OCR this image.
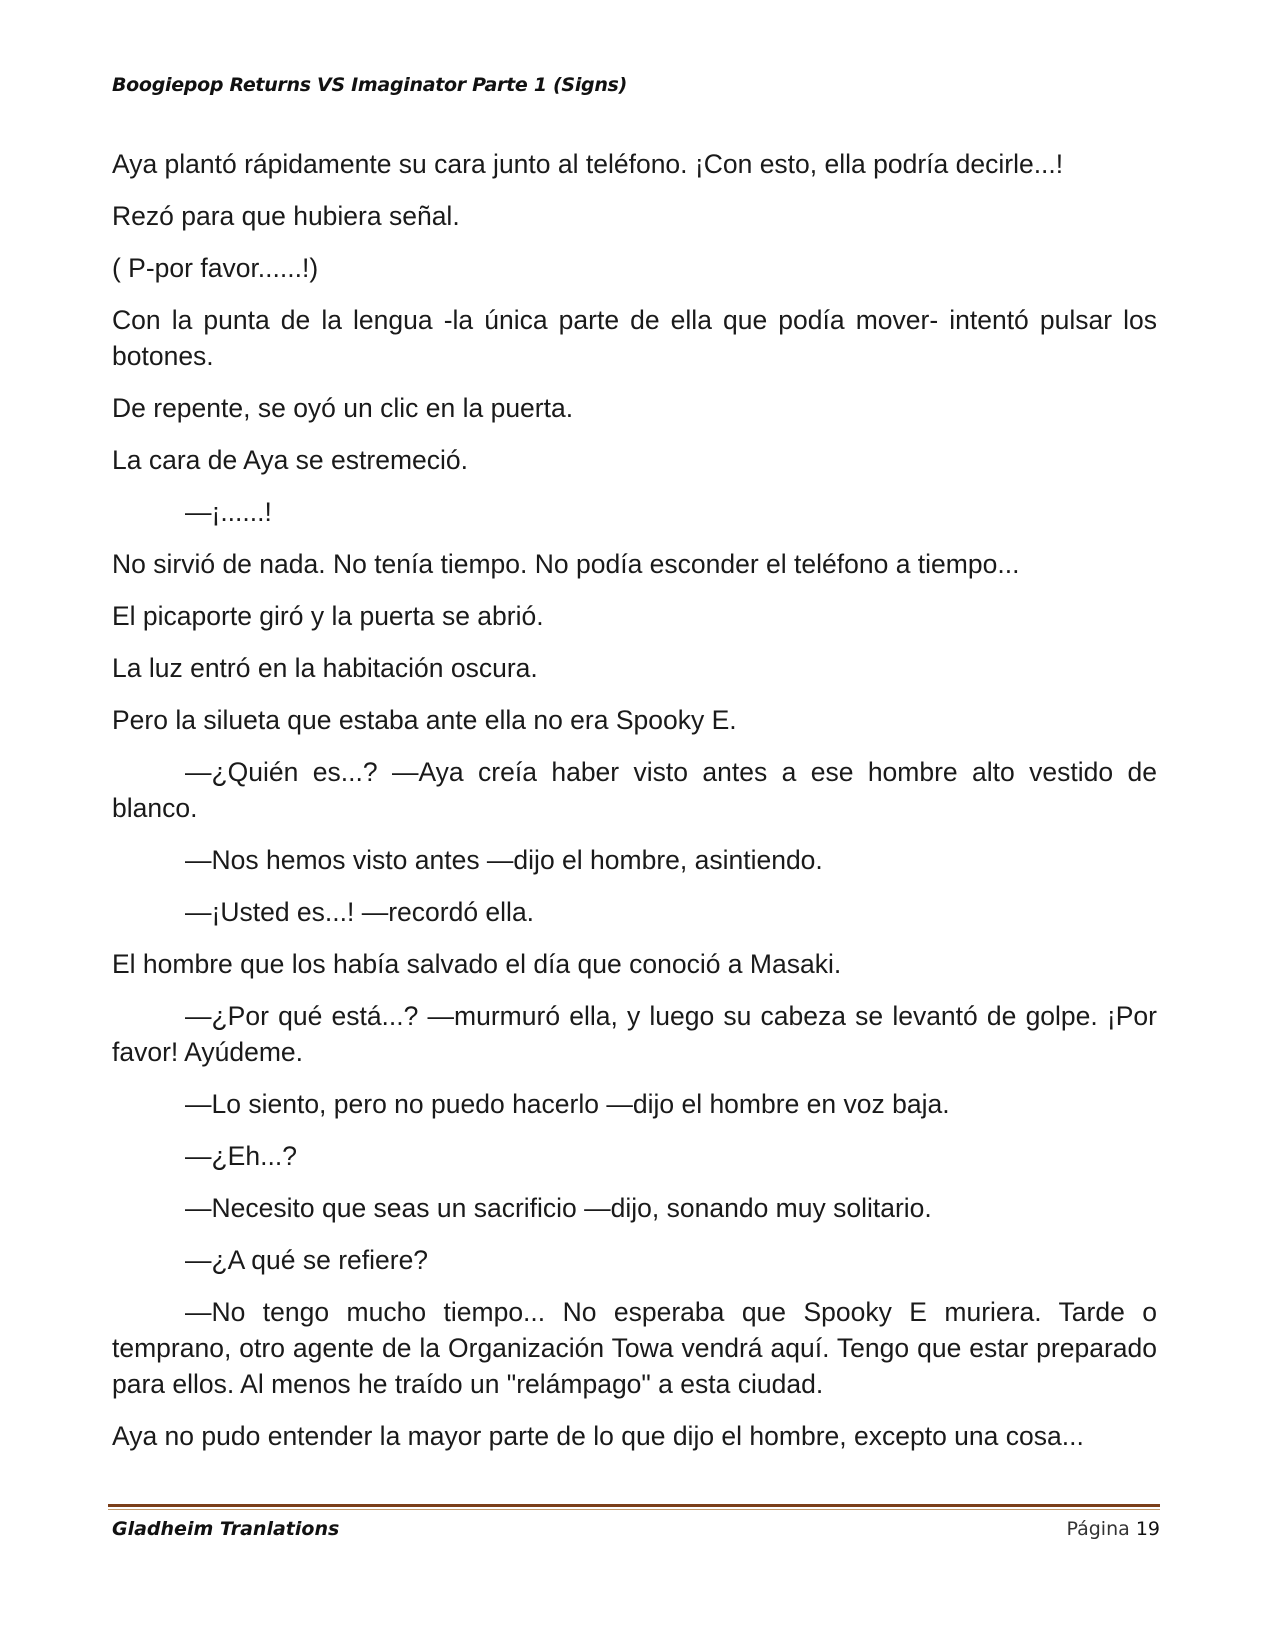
Boogiepop Returns VS Imaginator Parte 1 (Signs)

Aya plantó rápidamente su cara junto al teléfono. ¡Con esto, ella podría decirle...!

Rezó para que hubiera señal.

( P-por favor......!)

Con la punta de la lengua -la única parte de ella que podía mover- intentó pulsar los botones.

De repente, se oyó un clic en la puerta.

La cara de Aya se estremeció.

—¡......!

No sirvió de nada. No tenía tiempo. No podía esconder el teléfono a tiempo...

El picaporte giró y la puerta se abrió.

La luz entró en la habitación oscura.

Pero la silueta que estaba ante ella no era Spooky E.

—¿Quién es...? —Aya creía haber visto antes a ese hombre alto vestido de blanco.

—Nos hemos visto antes —dijo el hombre, asintiendo.

—¡Usted es...! —recordó ella.

El hombre que los había salvado el día que conoció a Masaki.

—¿Por qué está...? —murmuró ella, y luego su cabeza se levantó de golpe. ¡Por favor! Ayúdeme.

—Lo siento, pero no puedo hacerlo —dijo el hombre en voz baja.

—¿Eh...?

—Necesito que seas un sacrificio —dijo, sonando muy solitario.

—¿A qué se refiere?

—No tengo mucho tiempo... No esperaba que Spooky E muriera. Tarde o temprano, otro agente de la Organización Towa vendrá aquí. Tengo que estar preparado para ellos. Al menos he traído un "relámpago" a esta ciudad.

Aya no pudo entender la mayor parte de lo que dijo el hombre, excepto una cosa...

Gladheim Tranlations	Página 19
